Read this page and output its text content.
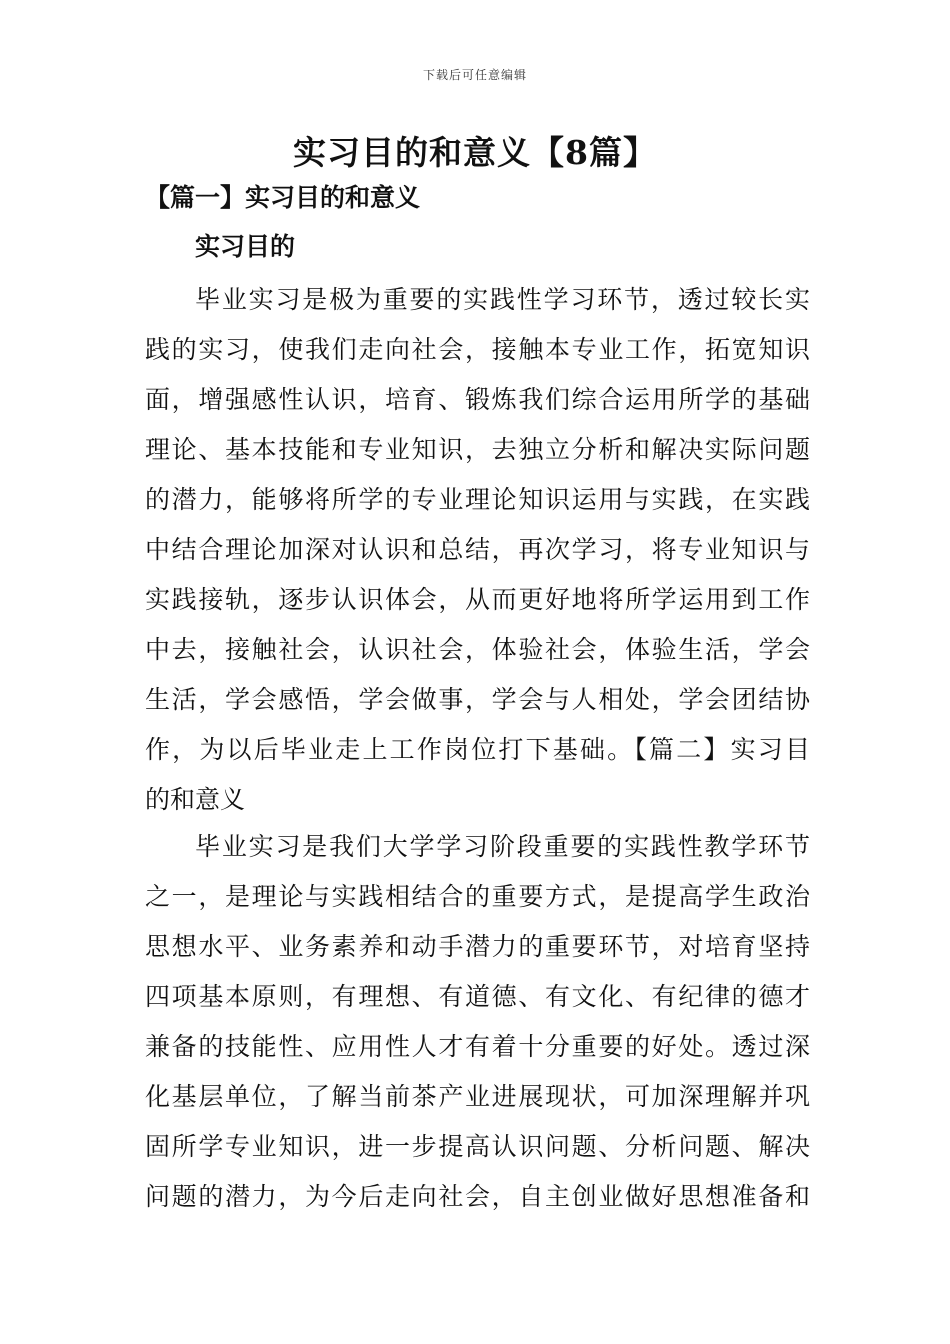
下载后可任意编辑
实习目的和意义【8篇】
【篇一】实习目的和意义
实习目的

毕业实习是极为重要的实践性学习环节，透过较长实

践的实习，使我们走向社会，接触本专业工作，拓宽知识

面，增强感性认识，培育、锻炼我们综合运用所学的基础

理论、基本技能和专业知识，去独立分析和解决实际问题

的潜力，能够将所学的专业理论知识运用与实践，在实践

中结合理论加深对认识和总结，再次学习，将专业知识与

实践接轨，逐步认识体会，从而更好地将所学运用到工作

中去，接触社会，认识社会，体验社会，体验生活，学会

生活，学会感悟，学会做事，学会与人相处，学会团结协

作，为以后毕业走上工作岗位打下基础。【篇二】实习目

的和意义

毕业实习是我们大学学习阶段重要的实践性教学环节

之一，是理论与实践相结合的重要方式，是提高学生政治

思想水平、业务素养和动手潜力的重要环节，对培育坚持

四项基本原则，有理想、有道德、有文化、有纪律的德才

兼备的技能性、应用性人才有着十分重要的好处。透过深

化基层单位，了解当前茶产业进展现状，可加深理解并巩

固所学专业知识，进一步提高认识问题、分析问题、解决

问题的潜力，为今后走向社会，自主创业做好思想准备和
